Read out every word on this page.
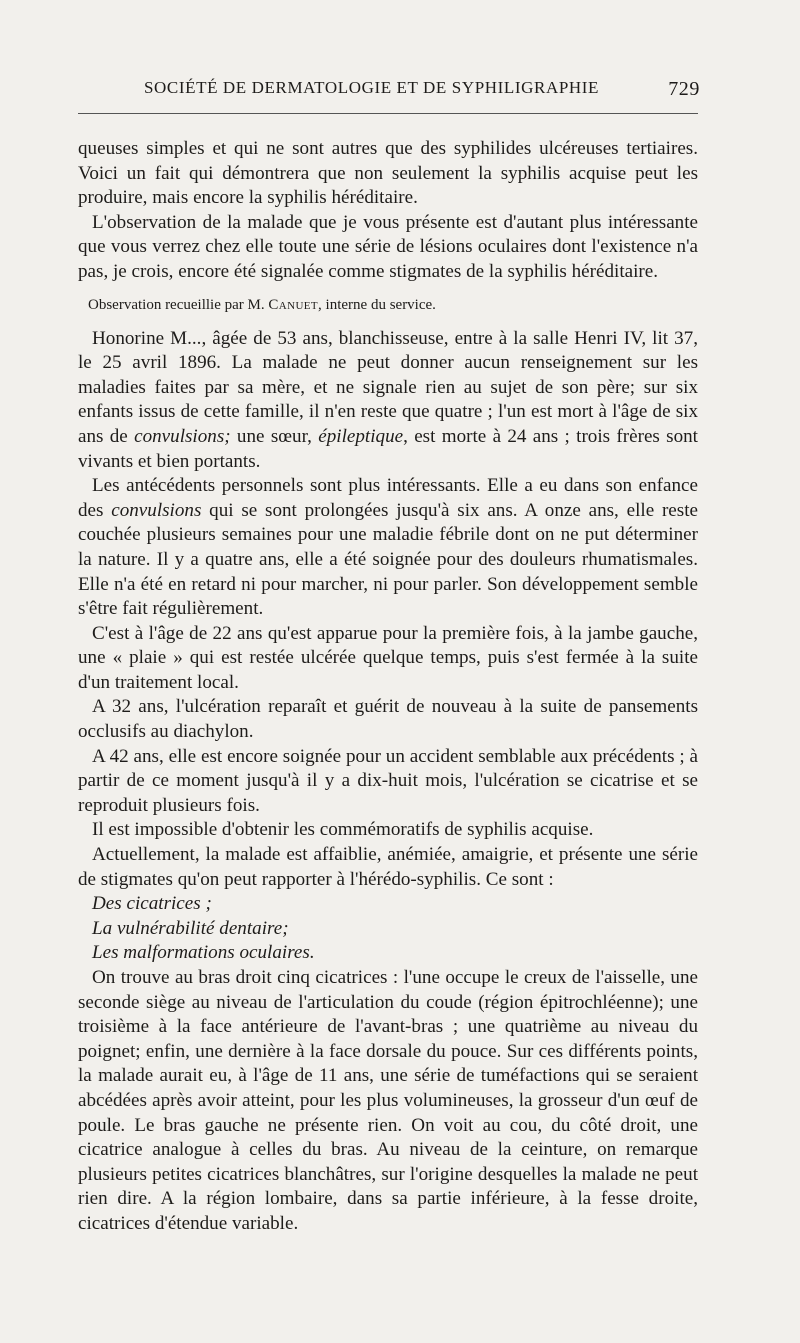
SOCIÉTÉ DE DERMATOLOGIE ET DE SYPHILIGRAPHIE	729

queuses simples et qui ne sont autres que des syphilides ulcéreuses tertiaires. Voici un fait qui démontrera que non seulement la syphilis acquise peut les produire, mais encore la syphilis héréditaire.

L'observation de la malade que je vous présente est d'autant plus intéressante que vous verrez chez elle toute une série de lésions oculaires dont l'existence n'a pas, je crois, encore été signalée comme stigmates de la syphilis héréditaire.

Observation recueillie par M. Canuet, interne du service.

Honorine M..., âgée de 53 ans, blanchisseuse, entre à la salle Henri IV, lit 37, le 25 avril 1896. La malade ne peut donner aucun renseignement sur les maladies faites par sa mère, et ne signale rien au sujet de son père; sur six enfants issus de cette famille, il n'en reste que quatre ; l'un est mort à l'âge de six ans de convulsions; une sœur, épileptique, est morte à 24 ans ; trois frères sont vivants et bien portants.

Les antécédents personnels sont plus intéressants. Elle a eu dans son enfance des convulsions qui se sont prolongées jusqu'à six ans. A onze ans, elle reste couchée plusieurs semaines pour une maladie fébrile dont on ne put déterminer la nature. Il y a quatre ans, elle a été soignée pour des douleurs rhumatismales. Elle n'a été en retard ni pour marcher, ni pour parler. Son développement semble s'être fait régulièrement.

C'est à l'âge de 22 ans qu'est apparue pour la première fois, à la jambe gauche, une « plaie » qui est restée ulcérée quelque temps, puis s'est fermée à la suite d'un traitement local.

A 32 ans, l'ulcération reparaît et guérit de nouveau à la suite de pansements occlusifs au diachylon.

A 42 ans, elle est encore soignée pour un accident semblable aux précédents ; à partir de ce moment jusqu'à il y a dix-huit mois, l'ulcération se cicatrise et se reproduit plusieurs fois.

Il est impossible d'obtenir les commémoratifs de syphilis acquise.

Actuellement, la malade est affaiblie, anémiée, amaigrie, et présente une série de stigmates qu'on peut rapporter à l'hérédo-syphilis. Ce sont :

Des cicatrices ;

La vulnérabilité dentaire;

Les malformations oculaires.

On trouve au bras droit cinq cicatrices : l'une occupe le creux de l'aisselle, une seconde siège au niveau de l'articulation du coude (région épitrochléenne); une troisième à la face antérieure de l'avant-bras ; une quatrième au niveau du poignet; enfin, une dernière à la face dorsale du pouce. Sur ces différents points, la malade aurait eu, à l'âge de 11 ans, une série de tuméfactions qui se seraient abcédées après avoir atteint, pour les plus volumineuses, la grosseur d'un œuf de poule. Le bras gauche ne présente rien. On voit au cou, du côté droit, une cicatrice analogue à celles du bras. Au niveau de la ceinture, on remarque plusieurs petites cicatrices blanchâtres, sur l'origine desquelles la malade ne peut rien dire. A la région lombaire, dans sa partie inférieure, à la fesse droite, cicatrices d'étendue variable.
